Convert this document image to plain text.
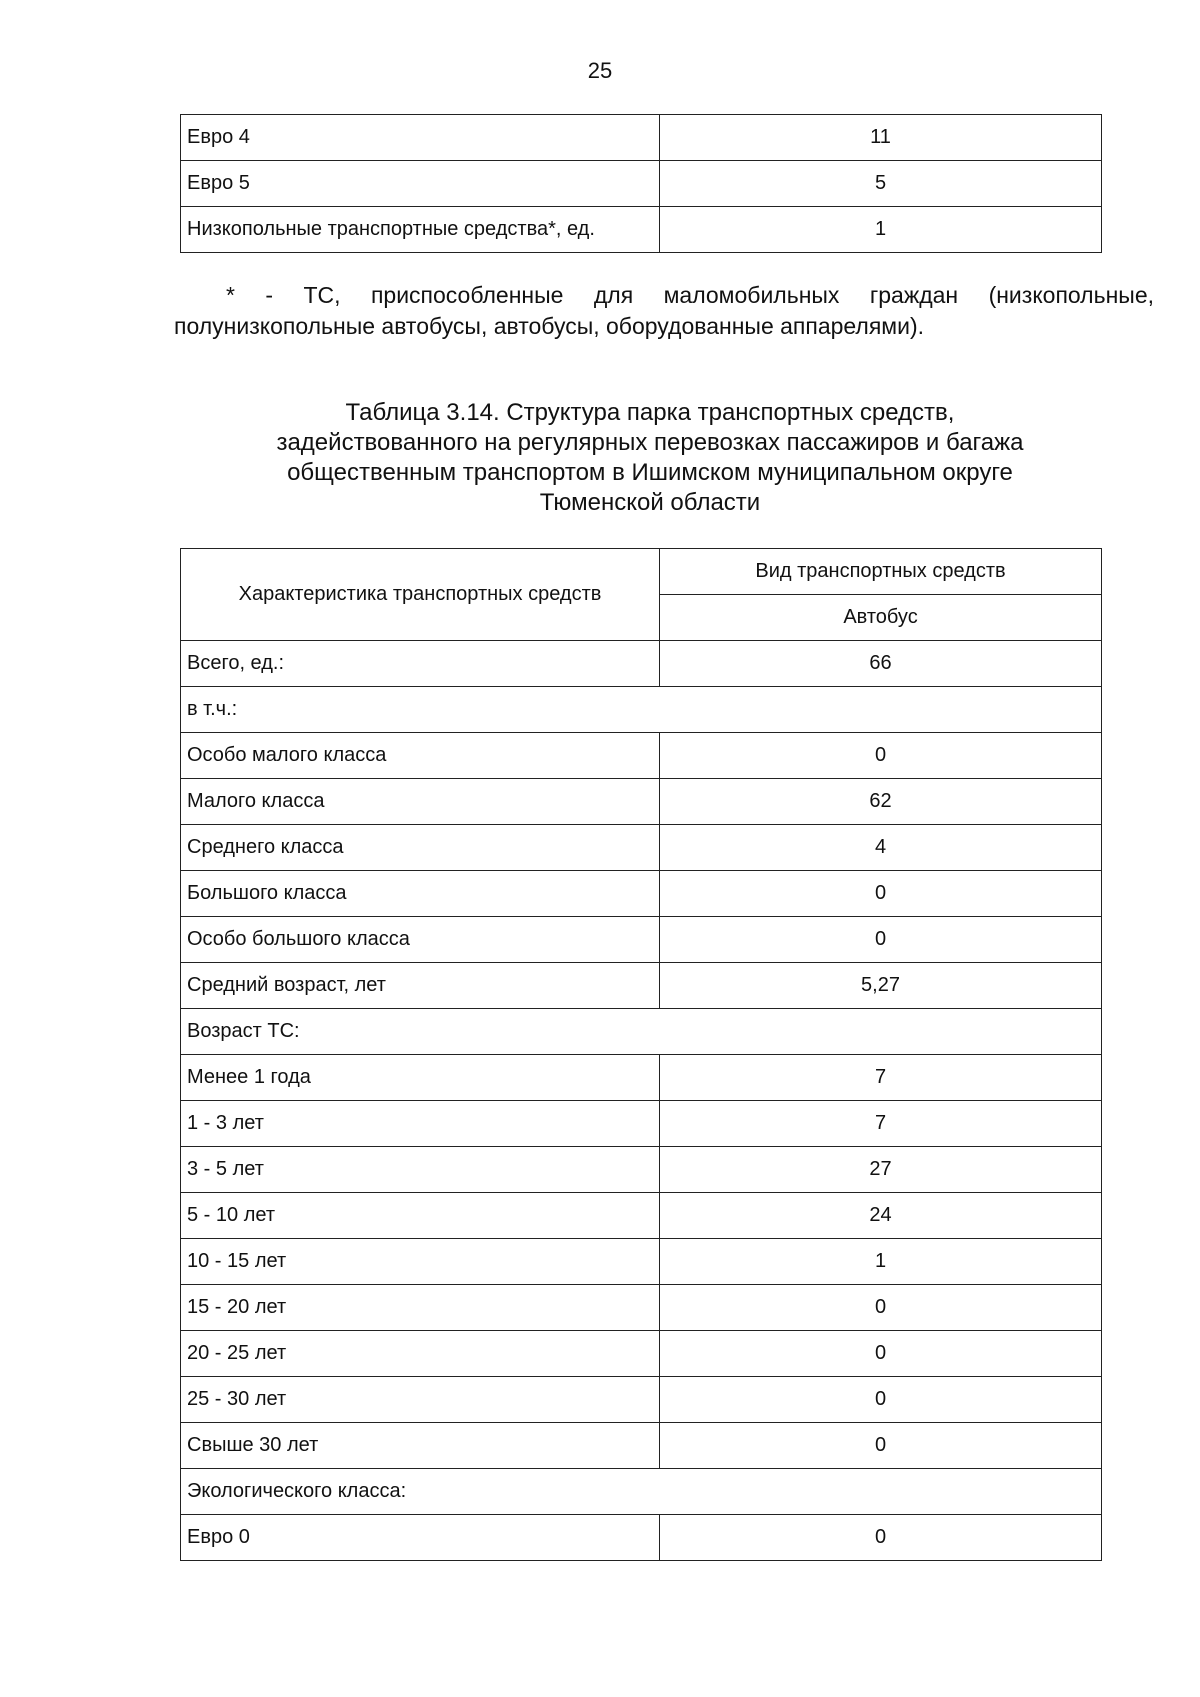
25
Евро 4	11
Евро 5	5
Низкопольные транспортные средства*, ед.	1
* - ТС, приспособленные для маломобильных граждан (низкопольные,
полунизкопольные автобусы, автобусы, оборудованные аппарелями).
Таблица 3.14. Структура парка транспортных средств,
задействованного на регулярных перевозках пассажиров и багажа
общественным транспортом в Ишимском муниципальном округе
Тюменской области
Характеристика транспортных средств	Вид транспортных средств
	Автобус
Всего, ед.:	66
в т.ч.:	
Особо малого класса	0
Малого класса	62
Среднего класса	4
Большого класса	0
Особо большого класса	0
Средний возраст, лет	5,27
Возраст ТС:	
Менее 1 года	7
1 - 3 лет	7
3 - 5 лет	27
5 - 10 лет	24
10 - 15 лет	1
15 - 20 лет	0
20 - 25 лет	0
25 - 30 лет	0
Свыше 30 лет	0
Экологического класса:	
Евро 0	0
